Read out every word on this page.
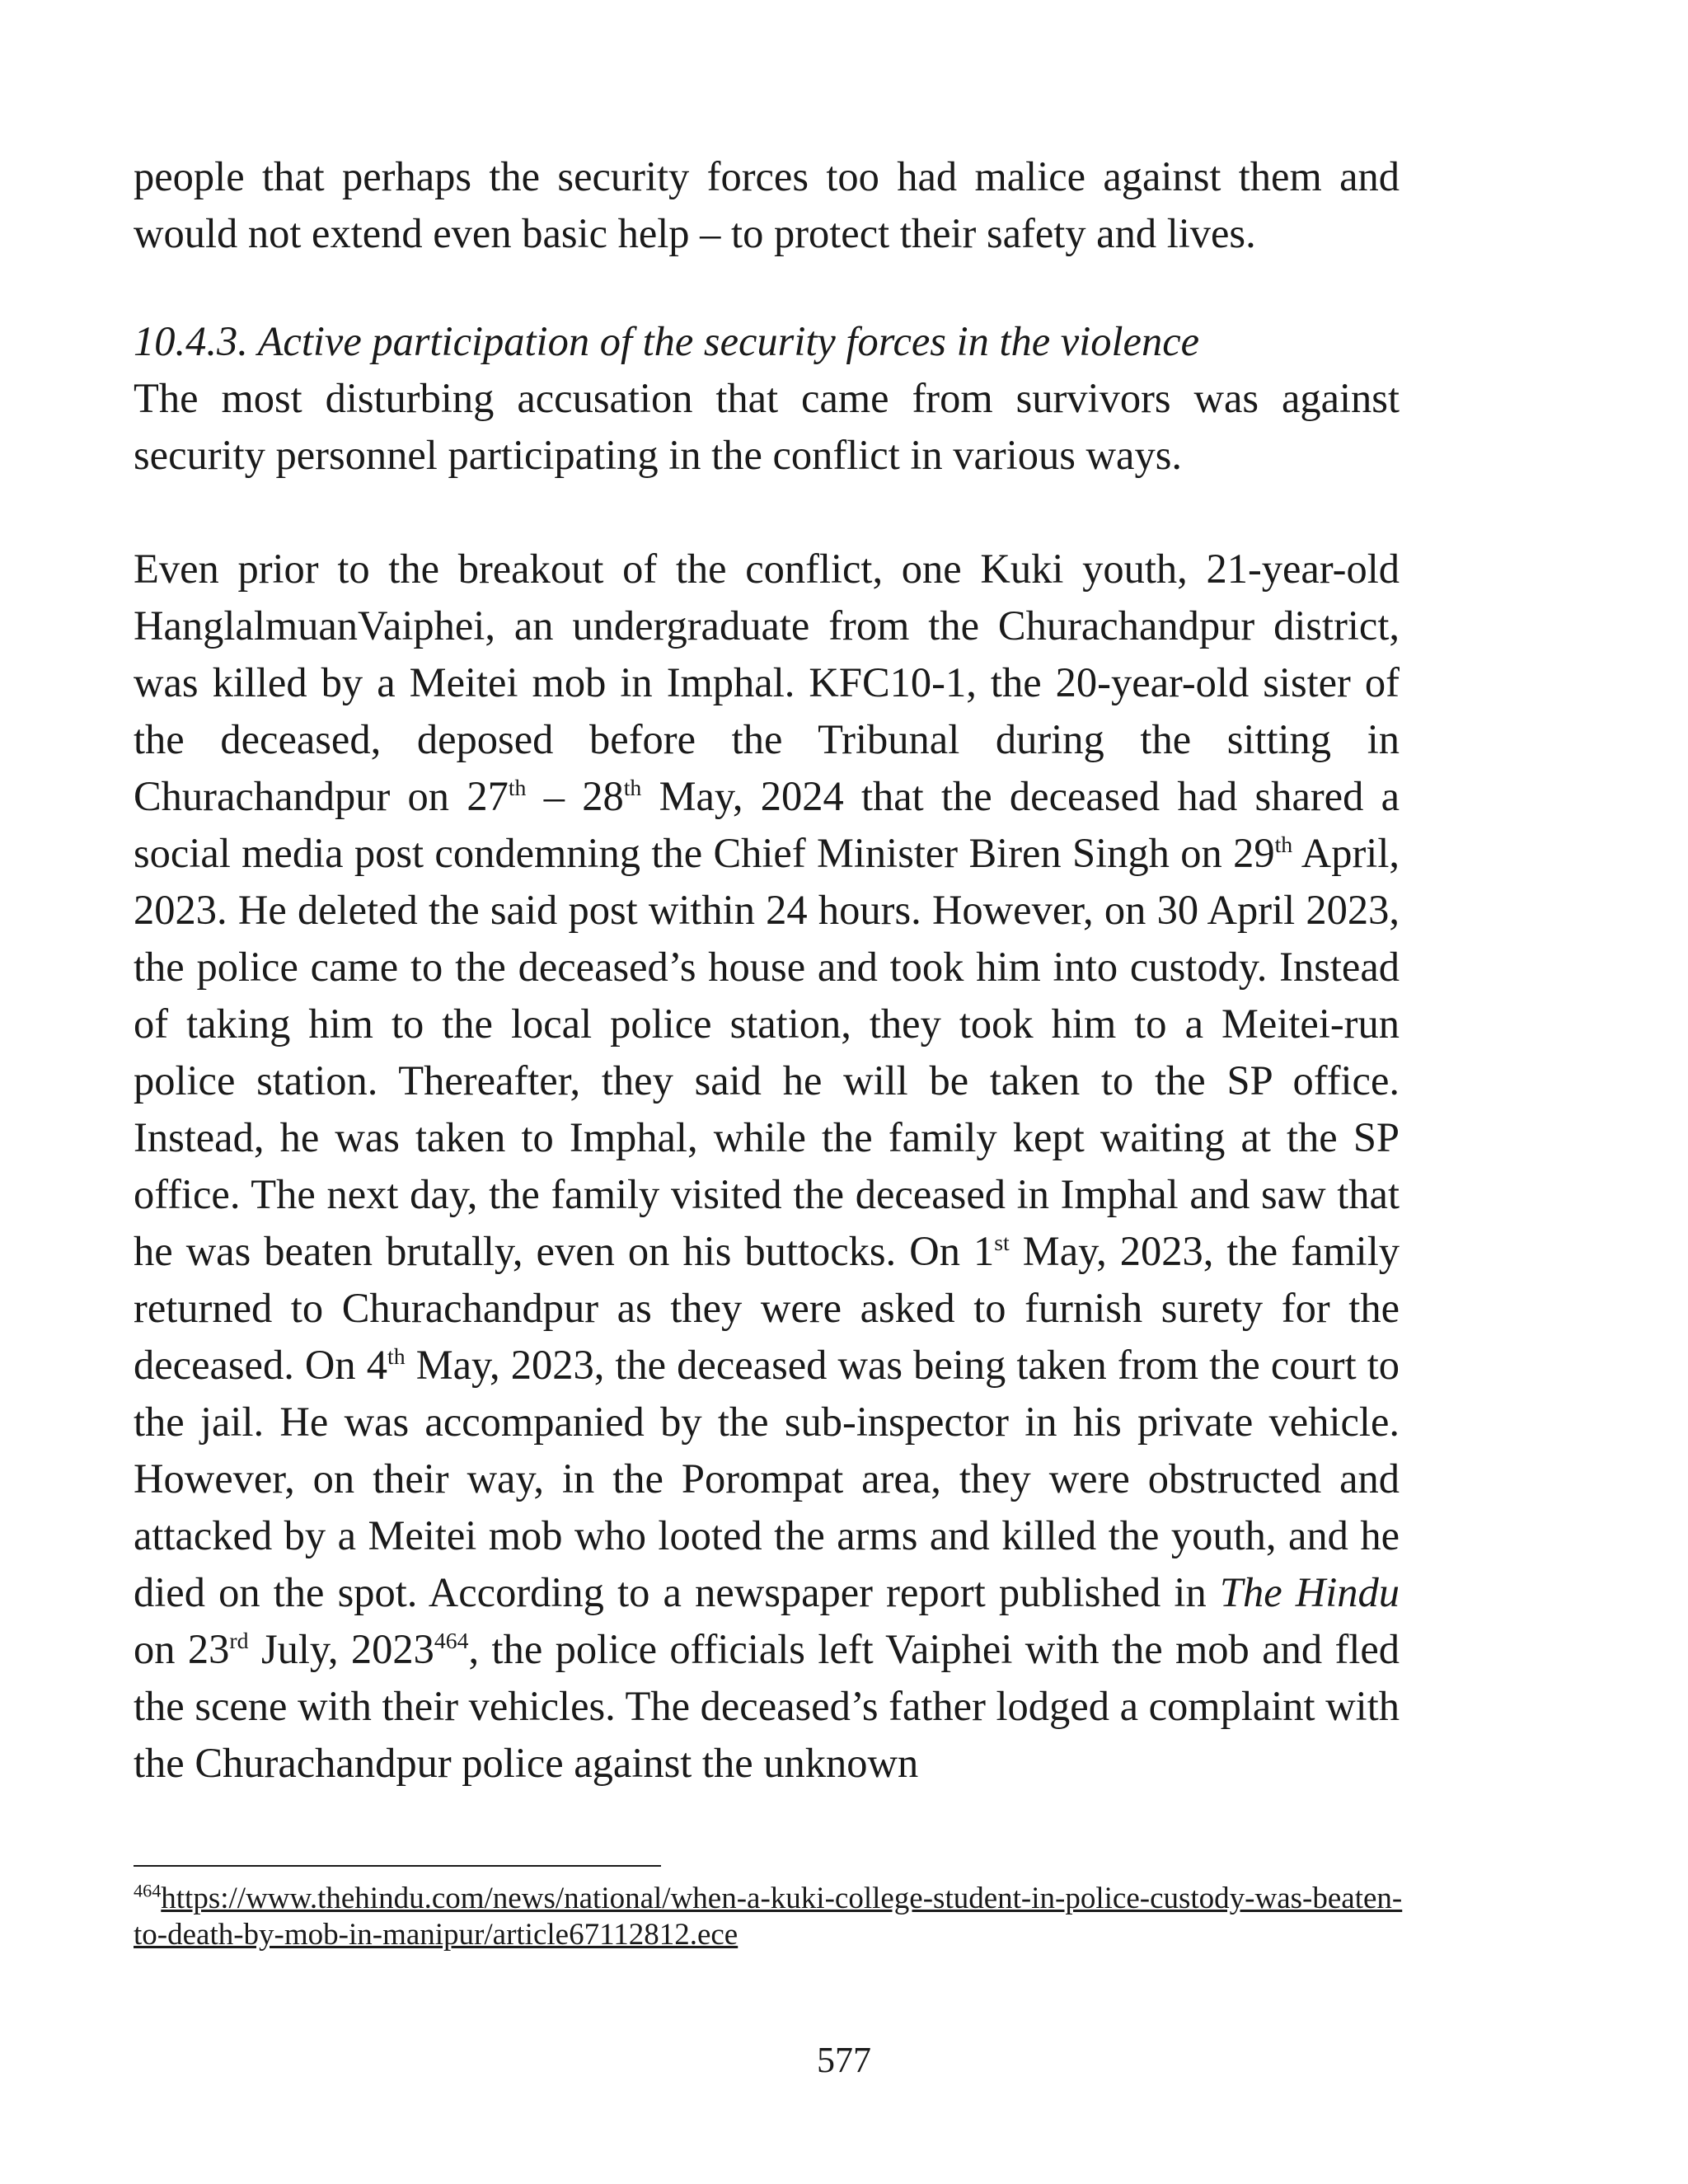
people that perhaps the security forces too had malice against them and would not extend even basic help – to protect their safety and lives.

10.4.3. Active participation of the security forces in the violence

The most disturbing accusation that came from survivors was against security personnel participating in the conflict in various ways.

Even prior to the breakout of the conflict, one Kuki youth, 21-year-old HanglalmuanVaiphei, an undergraduate from the Churachandpur district, was killed by a Meitei mob in Imphal. KFC10-1, the 20-year-old sister of the deceased, deposed before the Tribunal during the sitting in Churachandpur on 27th – 28th May, 2024 that the deceased had shared a social media post condemning the Chief Minister Biren Singh on 29th April, 2023. He deleted the said post within 24 hours. However, on 30 April 2023, the police came to the deceased’s house and took him into custody. Instead of taking him to the local police station, they took him to a Meitei-run police station. Thereafter, they said he will be taken to the SP office. Instead, he was taken to Imphal, while the family kept waiting at the SP office. The next day, the family visited the deceased in Imphal and saw that he was beaten brutally, even on his buttocks. On 1st May, 2023, the family returned to Churachandpur as they were asked to furnish surety for the deceased. On 4th May, 2023, the deceased was being taken from the court to the jail. He was accompanied by the sub-inspector in his private vehicle. However, on their way, in the Porompat area, they were obstructed and attacked by a Meitei mob who looted the arms and killed the youth, and he died on the spot. According to a newspaper report published in The Hindu on 23rd July, 2023$^{464}$, the police officials left Vaiphei with the mob and fled the scene with their vehicles. The deceased’s father lodged a complaint with the Churachandpur police against the unknown

$^{464}$https://www.thehindu.com/news/national/when-a-kuki-college-student-in-police-custody-was-beaten-to-death-by-mob-in-manipur/article67112812.ece
577
